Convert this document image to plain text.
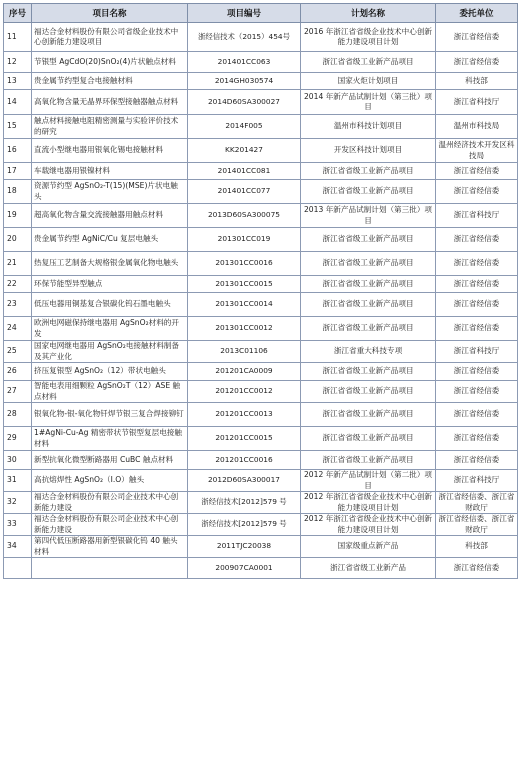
序号	项目名称	项目编号	计划名称	委托单位
11	福达合金材料股份有限公司省级企业技术中心创新能力建设项目	浙经信技术（2015）454号	2016 年浙江省省级企业技术中心创新能力建设项目计划	浙江省经信委
12	节银型 AgCdO(20)SnO₂(4)片状触点材料	201401CC063	浙江省省级工业新产品项目	浙江省经信委
13	贵金属节约型复合电接触材料	2014GH030574	国家火炬计划项目	科技部
14	高氧化物含量无晶界环保型接触器触点材料	2014D60SA300027	2014 年新产品试制计划（第三批）项目	浙江省科技厅
15	触点材料接触电阻精密测量与实验评价技术的研究	2014F005	温州市科技计划项目	温州市科技局
16	直流小型继电器用银氧化锡电接触材料	KK201427	开发区科技计划项目	温州经济技术开发区科技局
17	车载继电器用银镍材料	201401CC081	浙江省省级工业新产品项目	浙江省经信委
18	资源节约型 AgSnO₂-T(15)(MSE)片状电触头	201401CC077	浙江省省级工业新产品项目	浙江省经信委
19	超高氧化物含量交流接触器用触点材料	2013D60SA300075	2013 年新产品试制计划（第三批）项目	浙江省科技厅
20	贵金属节约型 AgNiC/Cu 复层电触头	201301CC019	浙江省省级工业新产品项目	浙江省经信委
21	热复压工艺制备大规格银金属氧化物电触头	201301CC0016	浙江省省级工业新产品项目	浙江省经信委
22	环保节能型异型触点	201301CC0015	浙江省省级工业新产品项目	浙江省经信委
23	低压电器用铜基复合银碳化钨石墨电触头	201301CC0014	浙江省省级工业新产品项目	浙江省经信委
24	欧洲电网磁保持继电器用 AgSnO₂材料的开发	201301CC0012	浙江省省级工业新产品项目	浙江省经信委
25	国家电网继电器用 AgSnO₂电接触材料制备及其产业化	2013C01106	浙江省重大科技专项	浙江省科技厅
26	挤压复银型 AgSnO₂（12）带状电触头	201201CA0009	浙江省省级工业新产品项目	浙江省经信委
27	智能电表用细颗粒 AgSnO₂T（12）ASE 触点材料	201201CC0012	浙江省省级工业新产品项目	浙江省经信委
28	银氧化物-银-氧化物钎焊节银三复合焊接铆钉	201201CC0013	浙江省省级工业新产品项目	浙江省经信委
29	1#AgNi-Cu-Ag 精密带状节银型复层电接触材料	201201CC0015	浙江省省级工业新产品项目	浙江省经信委
30	新型抗氧化微型断路器用 CuBC 触点材料	201201CC0016	浙江省省级工业新产品项目	浙江省经信委
31	高抗熔焊性 AgSnO₂（I.O）触头	2012D60SA300017	2012 年新产品试制计划（第二批）项目	浙江省科技厅
32	福达合金材料股份有限公司企业技术中心创新能力建设	浙经信技术[2012]579 号	2012 年浙江省省级企业技术中心创新能力建设项目计划	浙江省经信委、浙江省财政厅
33	福达合金材料股份有限公司企业技术中心创新能力建设	浙经信技术[2012]579 号	2012 年浙江省省级企业技术中心创新能力建设项目计划	浙江省经信委、浙江省财政厅
34	第四代低压断路器用新型银碳化钨 40 触头材料	2011TJC20038	国家级重点新产品	科技部
		200907CA0001	浙江省省级工业新产品	浙江省经信委
